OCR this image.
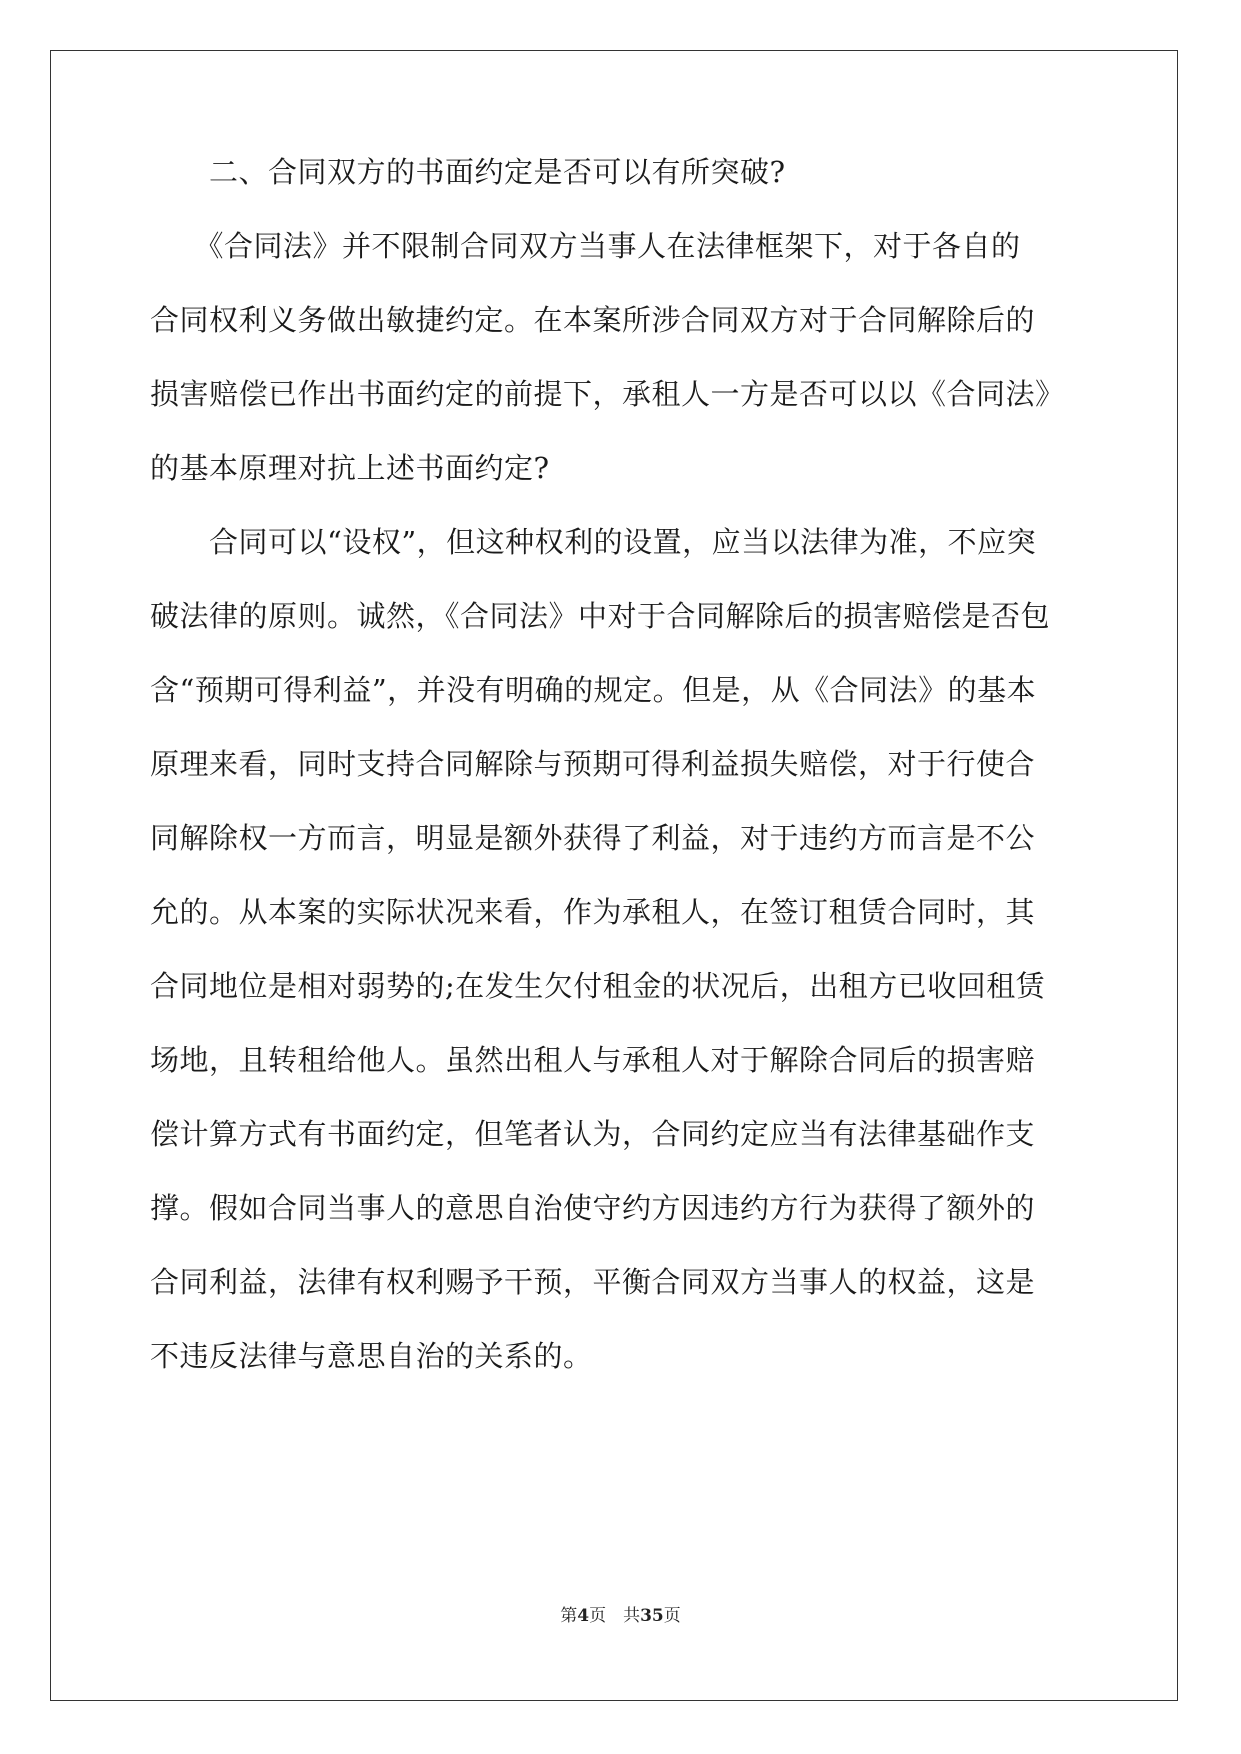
　　二、合同双方的书面约定是否可以有所突破?
　　《合同法》并不限制合同双方当事人在法律框架下，对于各自的
合同权利义务做出敏捷约定。在本案所涉合同双方对于合同解除后的
损害赔偿已作出书面约定的前提下，承租人一方是否可以以《合同法》
的基本原理对抗上述书面约定?
　　合同可以“设权”，但这种权利的设置，应当以法律为准，不应突
破法律的原则。诚然，《合同法》中对于合同解除后的损害赔偿是否包
含“预期可得利益”，并没有明确的规定。但是，从《合同法》的基本
原理来看，同时支持合同解除与预期可得利益损失赔偿，对于行使合
同解除权一方而言，明显是额外获得了利益，对于违约方而言是不公
允的。从本案的实际状况来看，作为承租人，在签订租赁合同时，其
合同地位是相对弱势的;在发生欠付租金的状况后，出租方已收回租赁
场地，且转租给他人。虽然出租人与承租人对于解除合同后的损害赔
偿计算方式有书面约定，但笔者认为，合同约定应当有法律基础作支
撑。假如合同当事人的意思自治使守约方因违约方行为获得了额外的
合同利益，法律有权利赐予干预，平衡合同双方当事人的权益，这是
不违反法律与意思自治的关系的。
第4页　共35页
